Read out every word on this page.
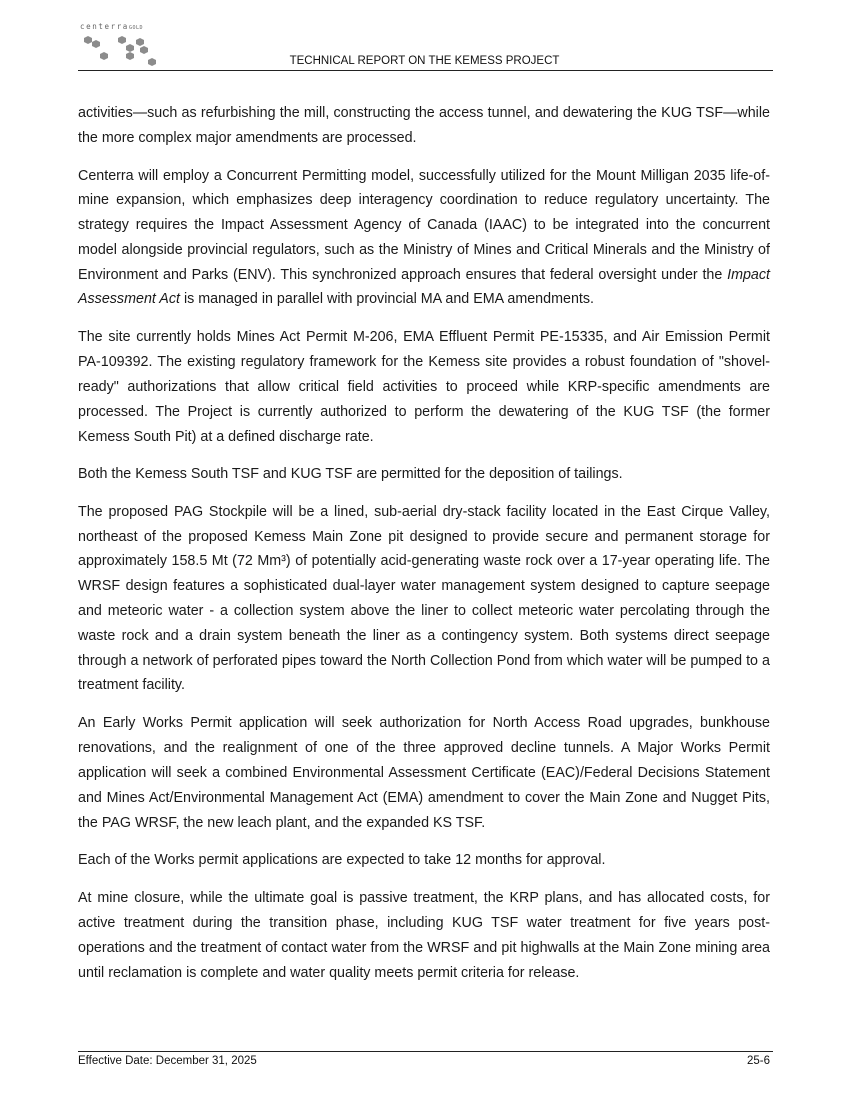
centerraGOLD
TECHNICAL REPORT ON THE KEMESS PROJECT

activities—such as refurbishing the mill, constructing the access tunnel, and dewatering the KUG TSF—while the more complex major amendments are processed.

Centerra will employ a Concurrent Permitting model, successfully utilized for the Mount Milligan 2035 life-of-mine expansion, which emphasizes deep interagency coordination to reduce regulatory uncertainty. The strategy requires the Impact Assessment Agency of Canada (IAAC) to be integrated into the concurrent model alongside provincial regulators, such as the Ministry of Mines and Critical Minerals and the Ministry of Environment and Parks (ENV). This synchronized approach ensures that federal oversight under the Impact Assessment Act is managed in parallel with provincial MA and EMA amendments.

The site currently holds Mines Act Permit M-206, EMA Effluent Permit PE-15335, and Air Emission Permit PA-109392. The existing regulatory framework for the Kemess site provides a robust foundation of "shovel-ready" authorizations that allow critical field activities to proceed while KRP-specific amendments are processed. The Project is currently authorized to perform the dewatering of the KUG TSF (the former Kemess South Pit) at a defined discharge rate.

Both the Kemess South TSF and KUG TSF are permitted for the deposition of tailings.

The proposed PAG Stockpile will be a lined, sub-aerial dry-stack facility located in the East Cirque Valley, northeast of the proposed Kemess Main Zone pit designed to provide secure and permanent storage for approximately 158.5 Mt (72 Mm³) of potentially acid-generating waste rock over a 17-year operating life. The WRSF design features a sophisticated dual-layer water management system designed to capture seepage and meteoric water - a collection system above the liner to collect meteoric water percolating through the waste rock and a drain system beneath the liner as a contingency system. Both systems direct seepage through a network of perforated pipes toward the North Collection Pond from which water will be pumped to a treatment facility.

An Early Works Permit application will seek authorization for North Access Road upgrades, bunkhouse renovations, and the realignment of one of the three approved decline tunnels. A Major Works Permit application will seek a combined Environmental Assessment Certificate (EAC)/Federal Decisions Statement and Mines Act/Environmental Management Act (EMA) amendment to cover the Main Zone and Nugget Pits, the PAG WRSF, the new leach plant, and the expanded KS TSF.

Each of the Works permit applications are expected to take 12 months for approval.

At mine closure, while the ultimate goal is passive treatment, the KRP plans, and has allocated costs, for active treatment during the transition phase, including KUG TSF water treatment for five years post-operations and the treatment of contact water from the WRSF and pit highwalls at the Main Zone mining area until reclamation is complete and water quality meets permit criteria for release.

Effective Date: December 31, 2025	25-6
